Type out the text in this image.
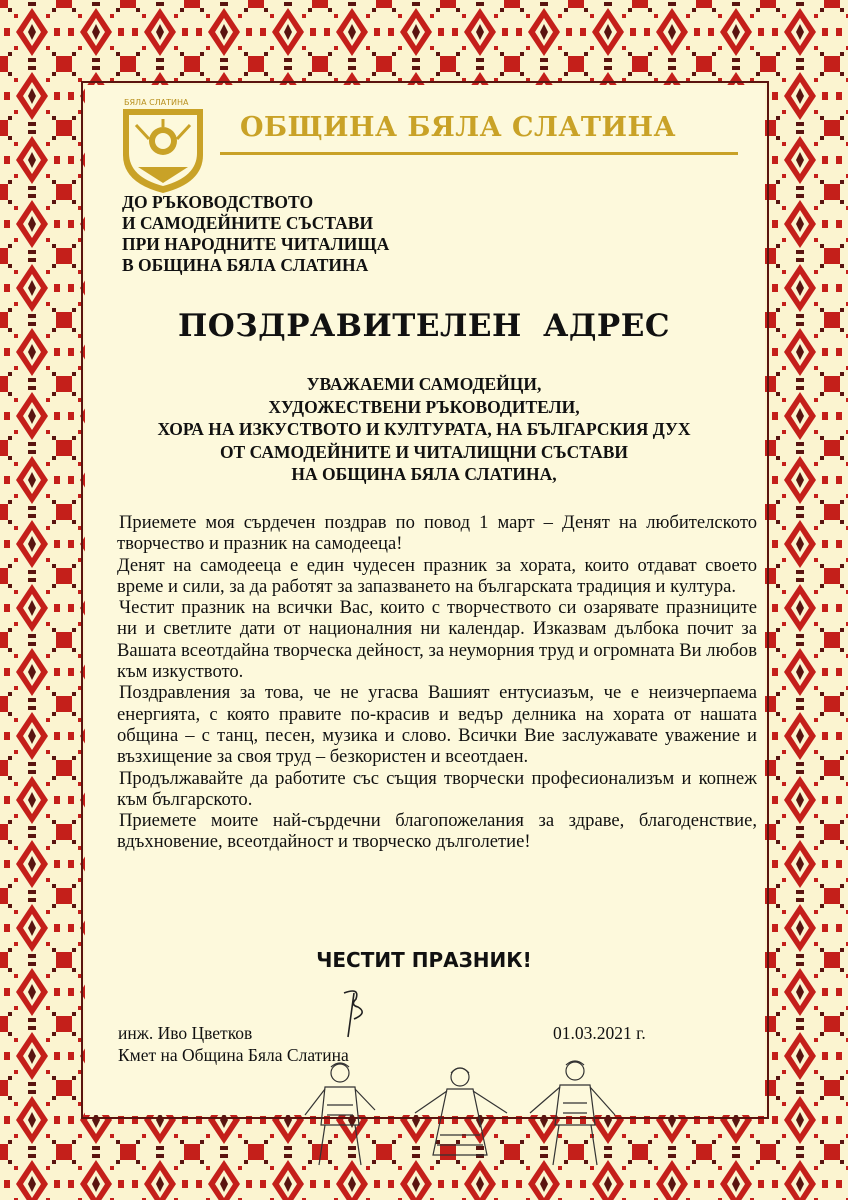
БЯЛА СЛАТИНА
ОБЩИНА БЯЛА СЛАТИНА
ДО РЪКОВОДСТВОТО
И САМОДЕЙНИТЕ СЪСТАВИ
ПРИ НАРОДНИТЕ ЧИТАЛИЩА
В ОБЩИНА БЯЛА СЛАТИНА
ПОЗДРАВИТЕЛЕН АДРЕС
УВАЖАЕМИ САМОДЕЙЦИ,
ХУДОЖЕСТВЕНИ РЪКОВОДИТЕЛИ,
ХОРА НА ИЗКУСТВОТО И КУЛТУРАТА, НА БЪЛГАРСКИЯ ДУХ
ОТ САМОДЕЙНИТЕ И ЧИТАЛИЩНИ СЪСТАВИ
НА ОБЩИНА БЯЛА СЛАТИНА,

Приемете моя сърдечен поздрав по повод 1 март – Денят на любителското творчество и празник на самодееца!

Денят на самодееца е един чудесен празник за хората, които отдават своето време и сили, за да работят за запазването на българската традиция и култура.

Честит празник на всички Вас, които с творчеството си озарявате празниците ни и светлите дати от националния ни календар. Изказвам дълбока почит за Вашата всеотдайна творческа дейност, за неуморния труд и огромната Ви любов към изкуството.

Поздравления за това, че не угасва Вашият ентусиазъм, че е неизчерпаема енергията, с която правите по-красив и ведър делника на хората от нашата община – с танц, песен, музика и слово. Всички Вие заслужавате уважение и възхищение за своя труд – безкористен и всеотдаен.

Продължавайте да работите със същия творчески професионализъм и копнеж към българското.

Приемете моите най-сърдечни благопожелания за здраве, благоденствие, вдъхновение, всеотдайност и творческо дълголетие!

ЧЕСТИТ ПРАЗНИК!
инж. Иво Цветков
Кмет на Община Бяла Слатина
01.03.2021 г.
